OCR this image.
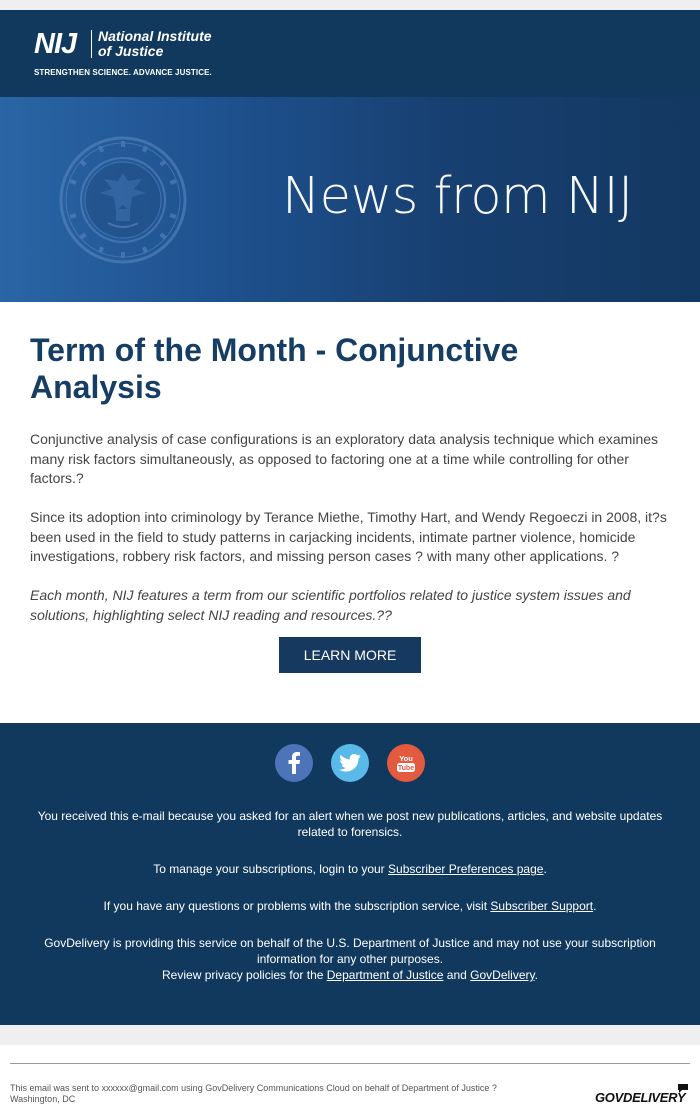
NIJ National Institute
of Justice
STRENGTHEN SCIENCE. ADVANCE JUSTICE.
News from NIJ
Term of the Month - Conjunctive Analysis

Conjunctive analysis of case configurations is an exploratory data analysis technique which examines many risk factors simultaneously, as opposed to factoring one at a time while controlling for other factors.?

Since its adoption into criminology by Terance Miethe, Timothy Hart, and Wendy Regoeczi in 2008, it?s been used in the field to study patterns in carjacking incidents, intimate partner violence, homicide investigations, robbery risk factors, and missing person cases ? with many other applications. ?

Each month, NIJ features a term from our scientific portfolios related to justice system issues and solutions, highlighting select NIJ reading and resources.??

LEARN MORE
You
Tube

You received this e-mail because you asked for an alert when we post new publications, articles, and website updates related to forensics.

To manage your subscriptions, login to your Subscriber Preferences page.

If you have any questions or problems with the subscription service, visit Subscriber Support.

GovDelivery is providing this service on behalf of the U.S. Department of Justice and may not use your subscription information for any other purposes.
Review privacy policies for the Department of Justice and GovDelivery.
This email was sent to xxxxxx@gmail.com using GovDelivery Communications Cloud on behalf of Department of Justice ?
Washington, DC	GOVDELIVERY
